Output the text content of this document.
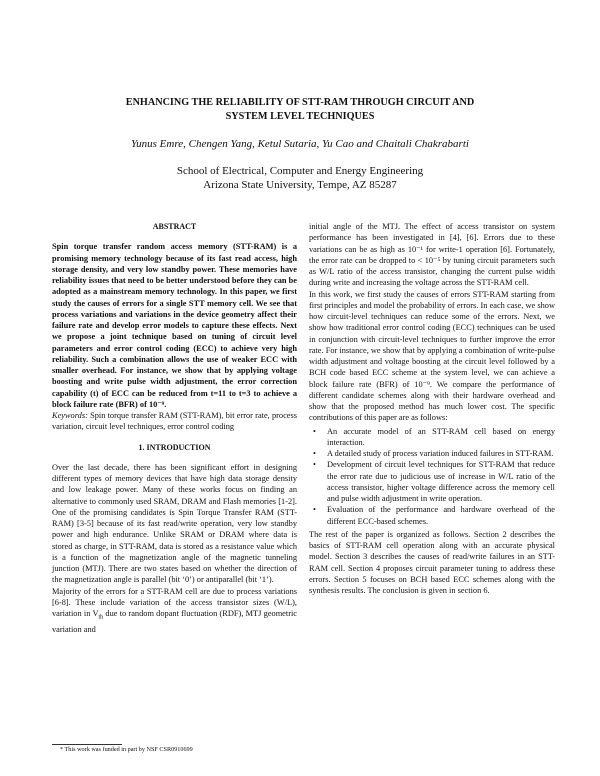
ENHANCING THE RELIABILITY OF STT-RAM THROUGH CIRCUIT AND
SYSTEM LEVEL TECHNIQUES
Yunus Emre, Chengen Yang, Ketul Sutaria, Yu Cao and Chaitali Chakrabarti
School of Electrical, Computer and Energy Engineering
Arizona State University, Tempe, AZ 85287
ABSTRACT

Spin torque transfer random access memory (STT-RAM) is a promising memory technology because of its fast read access, high storage density, and very low standby power. These memories have reliability issues that need to be better understood before they can be adopted as a mainstream memory technology. In this paper, we first study the causes of errors for a single STT memory cell. We see that process variations and variations in the device geometry affect their failure rate and develop error models to capture these effects. Next we propose a joint technique based on tuning of circuit level parameters and error control coding (ECC) to achieve very high reliability. Such a combination allows the use of weaker ECC with smaller overhead. For instance, we show that by applying voltage boosting and write pulse width adjustment, the error correction capability (t) of ECC can be reduced from t=11 to t=3 to achieve a block failure rate (BFR) of 10⁻⁹.

Keywords: Spin torque transfer RAM (STT-RAM), bit error rate, process variation, circuit level techniques, error control coding

1. INTRODUCTION

Over the last decade, there has been significant effort in designing different types of memory devices that have high data storage density and low leakage power. Many of these works focus on finding an alternative to commonly used SRAM, DRAM and Flash memories [1-2]. One of the promising candidates is Spin Torque Transfer RAM (STT-RAM) [3-5] because of its fast read/write operation, very low standby power and high endurance. Unlike SRAM or DRAM where data is stored as charge, in STT-RAM, data is stored as a resistance value which is a function of the magnetization angle of the magnetic tunneling junction (MTJ). There are two states based on whether the direction of the magnetization angle is parallel (bit ‘0’) or antiparallel (bit ‘1’).

Majority of the errors for a STT-RAM cell are due to process variations [6-8]. These include variation of the access transistor sizes (W/L), variation in $V_{th}$ due to random dopant fluctuation (RDF), MTJ geometric variation and

initial angle of the MTJ. The effect of access transistor on system performance has been investigated in [4], [6]. Errors due to these variations can be as high as 10⁻¹ for write-1 operation [6]. Fortunately, the error rate can be dropped to < 10⁻⁵ by tuning circuit parameters such as W/L ratio of the access transistor, changing the current pulse width during write and increasing the voltage across the STT-RAM cell.

In this work, we first study the causes of errors STT-RAM starting from first principles and model the probability of errors. In each case, we show how circuit-level techniques can reduce some of the errors. Next, we show how traditional error control coding (ECC) techniques can be used in conjunction with circuit-level techniques to further improve the error rate. For instance, we show that by applying a combination of write-pulse width adjustment and voltage boosting at the circuit level followed by a BCH code based ECC scheme at the system level, we can achieve a block failure rate (BFR) of 10⁻⁹. We compare the performance of different candidate schemes along with their hardware overhead and show that the proposed method has much lower cost. The specific contributions of this paper are as follows:

• An accurate model of an STT-RAM cell based on energy interaction.
• A detailed study of process variation induced failures in STT-RAM.
• Development of circuit level techniques for STT-RAM that reduce the error rate due to judicious use of increase in W/L ratio of the access transistor, higher voltage difference across the memory cell and pulse width adjustment in write operation.
• Evaluation of the performance and hardware overhead of the different ECC-based schemes.

The rest of the paper is organized as follows. Section 2 describes the basics of STT-RAM cell operation along with an accurate physical model. Section 3 describes the causes of read/write failures in an STT-RAM cell. Section 4 proposes circuit parameter tuning to address these errors. Section 5 focuses on BCH based ECC schemes along with the synthesis results. The conclusion is given in section 6.

* This work was funded in part by NSF CSR0910699
